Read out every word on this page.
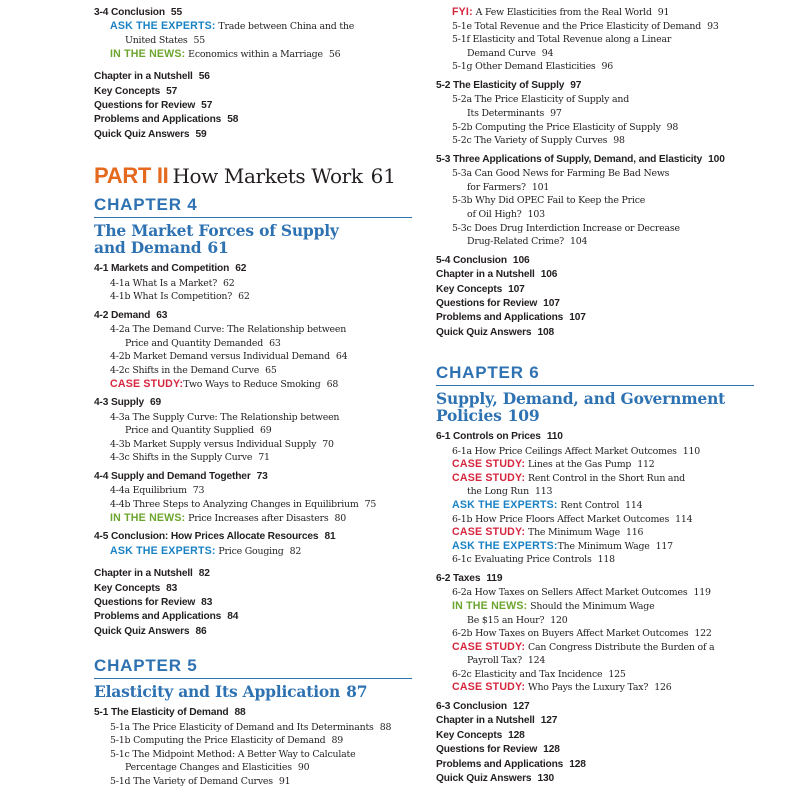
3-4 Conclusion 55
ASK THE EXPERTS: Trade between China and the
United States 55
IN THE NEWS: Economics within a Marriage 56
Chapter in a Nutshell 56
Key Concepts 57
Questions for Review 57
Problems and Applications 58
Quick Quiz Answers 59
PART II How Markets Work 61
CHAPTER 4
The Market Forces of Supply
and Demand 61
4-1 Markets and Competition 62
4-1a What Is a Market? 62
4-1b What Is Competition? 62
4-2 Demand 63
4-2a The Demand Curve: The Relationship between
Price and Quantity Demanded 63
4-2b Market Demand versus Individual Demand 64
4-2c Shifts in the Demand Curve 65
CASE STUDY:Two Ways to Reduce Smoking 68
4-3 Supply 69
4-3a The Supply Curve: The Relationship between
Price and Quantity Supplied 69
4-3b Market Supply versus Individual Supply 70
4-3c Shifts in the Supply Curve 71
4-4 Supply and Demand Together 73
4-4a Equilibrium 73
4-4b Three Steps to Analyzing Changes in Equilibrium 75
IN THE NEWS: Price Increases after Disasters 80
4-5 Conclusion: How Prices Allocate Resources 81
ASK THE EXPERTS: Price Gouging 82
Chapter in a Nutshell 82
Key Concepts 83
Questions for Review 83
Problems and Applications 84
Quick Quiz Answers 86
CHAPTER 5
Elasticity and Its Application 87
5-1 The Elasticity of Demand 88
5-1a The Price Elasticity of Demand and Its Determinants 88
5-1b Computing the Price Elasticity of Demand 89
5-1c The Midpoint Method: A Better Way to Calculate
Percentage Changes and Elasticities 90
5-1d The Variety of Demand Curves 91
FYI: A Few Elasticities from the Real World 91
5-1e Total Revenue and the Price Elasticity of Demand 93
5-1f Elasticity and Total Revenue along a Linear
Demand Curve 94
5-1g Other Demand Elasticities 96
5-2 The Elasticity of Supply 97
5-2a The Price Elasticity of Supply and
Its Determinants 97
5-2b Computing the Price Elasticity of Supply 98
5-2c The Variety of Supply Curves 98
5-3 Three Applications of Supply, Demand, and Elasticity 100
5-3a Can Good News for Farming Be Bad News
for Farmers? 101
5-3b Why Did OPEC Fail to Keep the Price
of Oil High? 103
5-3c Does Drug Interdiction Increase or Decrease
Drug-Related Crime? 104
5-4 Conclusion 106
Chapter in a Nutshell 106
Key Concepts 107
Questions for Review 107
Problems and Applications 107
Quick Quiz Answers 108
CHAPTER 6
Supply, Demand, and Government
Policies 109
6-1 Controls on Prices 110
6-1a How Price Ceilings Affect Market Outcomes 110
CASE STUDY: Lines at the Gas Pump 112
CASE STUDY: Rent Control in the Short Run and
the Long Run 113
ASK THE EXPERTS: Rent Control 114
6-1b How Price Floors Affect Market Outcomes 114
CASE STUDY: The Minimum Wage 116
ASK THE EXPERTS:The Minimum Wage 117
6-1c Evaluating Price Controls 118
6-2 Taxes 119
6-2a How Taxes on Sellers Affect Market Outcomes 119
IN THE NEWS: Should the Minimum Wage
Be $15 an Hour? 120
6-2b How Taxes on Buyers Affect Market Outcomes 122
CASE STUDY: Can Congress Distribute the Burden of a
Payroll Tax? 124
6-2c Elasticity and Tax Incidence 125
CASE STUDY: Who Pays the Luxury Tax? 126
6-3 Conclusion 127
Chapter in a Nutshell 127
Key Concepts 128
Questions for Review 128
Problems and Applications 128
Quick Quiz Answers 130
